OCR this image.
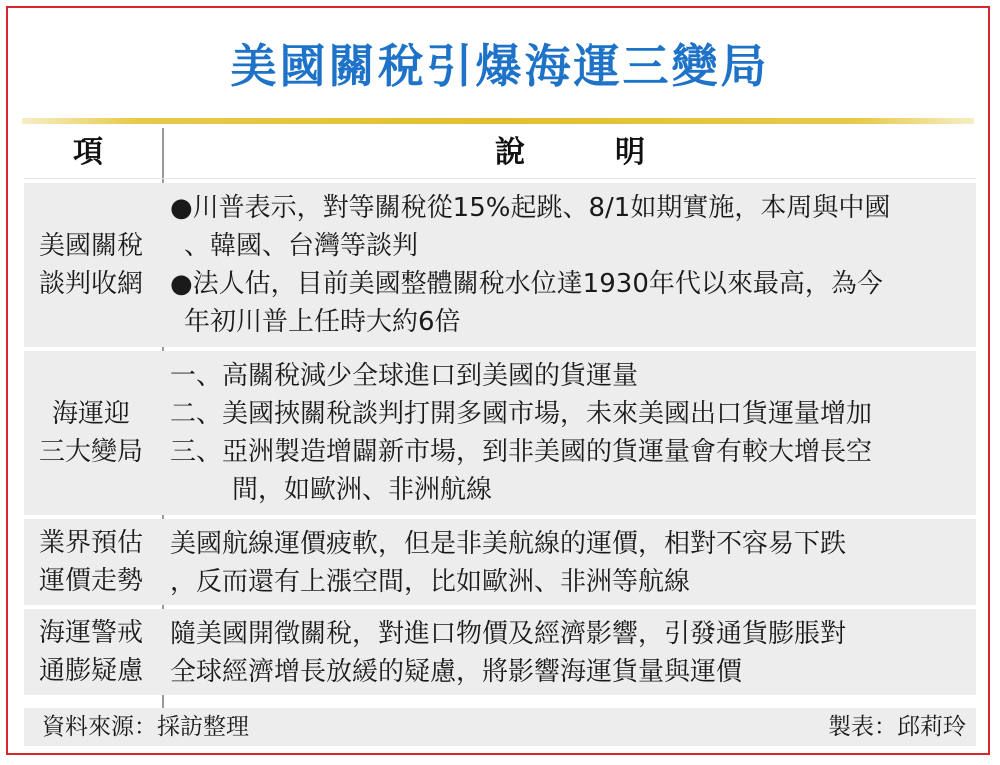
美國關稅引爆海運三變局
項	說明
美國關稅
談判收網
●川普表示，對等關稅從15%起跳、8/1如期實施，本周與中國
、韓國、台灣等談判
●法人估，目前美國整體關稅水位達1930年代以來最高，為今
年初川普上任時大約6倍
海運迎
三大變局
一、高關稅減少全球進口到美國的貨運量
二、美國挾關稅談判打開多國市場，未來美國出口貨運量增加
三、亞洲製造增闢新市場，到非美國的貨運量會有較大增長空
間，如歐洲、非洲航線
業界預估
運價走勢
美國航線運價疲軟，但是非美航線的運價，相對不容易下跌
，反而還有上漲空間，比如歐洲、非洲等航線
海運警戒
通膨疑慮
隨美國開徵關稅，對進口物價及經濟影響，引發通貨膨脹對
全球經濟增長放緩的疑慮，將影響海運貨量與運價
資料來源：採訪整理	製表：邱莉玲
